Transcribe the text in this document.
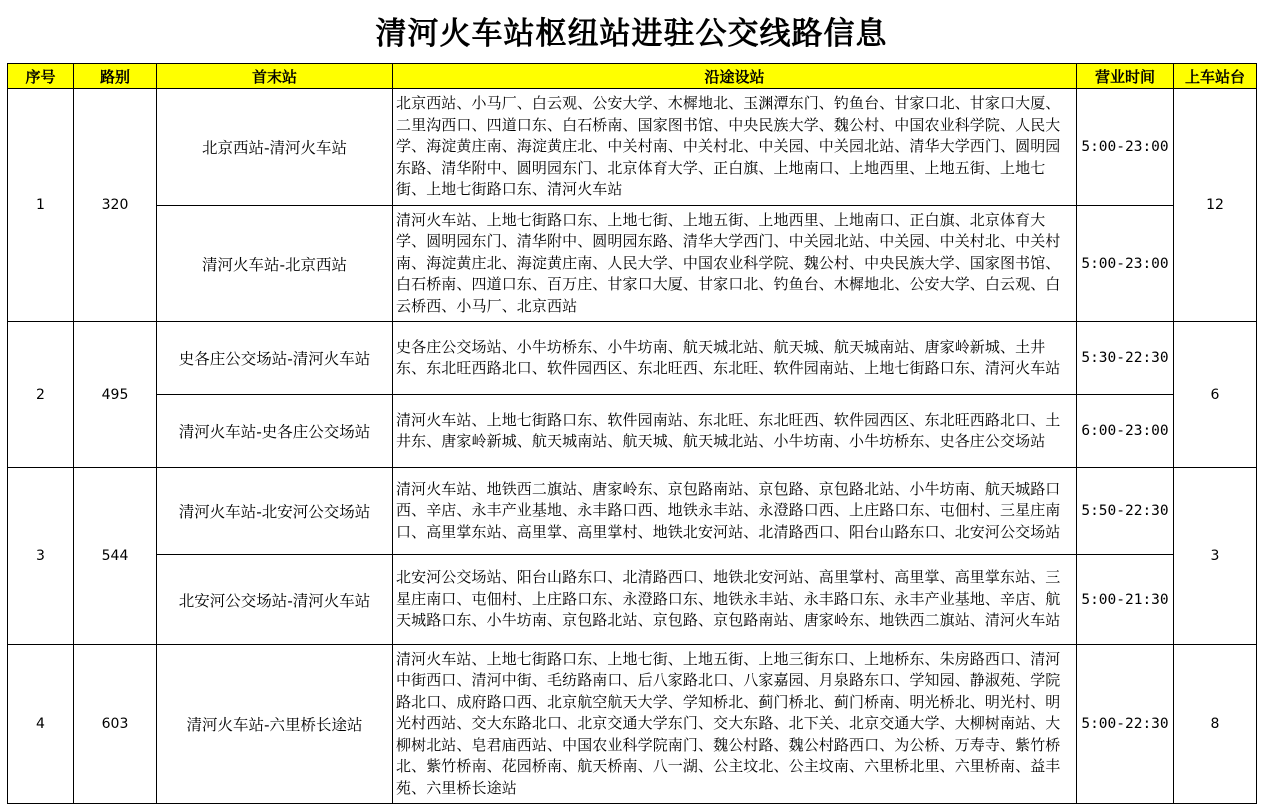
清河火车站枢纽站进驻公交线路信息
序号	路别	首末站	沿途设站	营业时间	上车站台
1	320	北京西站-清河火车站	北京西站、小马厂、白云观、公安大学、木樨地北、玉渊潭东门、钓鱼台、甘家口北、甘家口大厦、二里沟西口、四道口东、白石桥南、国家图书馆、中央民族大学、魏公村、中国农业科学院、人民大学、海淀黄庄南、海淀黄庄北、中关村南、中关村北、中关园、中关园北站、清华大学西门、圆明园东路、清华附中、圆明园东门、北京体育大学、正白旗、上地南口、上地西里、上地五街、上地七街、上地七街路口东、清河火车站	5:00-23:00	12
		清河火车站-北京西站	清河火车站、上地七街路口东、上地七街、上地五街、上地西里、上地南口、正白旗、北京体育大学、圆明园东门、清华附中、圆明园东路、清华大学西门、中关园北站、中关园、中关村北、中关村南、海淀黄庄北、海淀黄庄南、人民大学、中国农业科学院、魏公村、中央民族大学、国家图书馆、白石桥南、四道口东、百万庄、甘家口大厦、甘家口北、钓鱼台、木樨地北、公安大学、白云观、白云桥西、小马厂、北京西站	5:00-23:00	
2	495	史各庄公交场站-清河火车站	史各庄公交场站、小牛坊桥东、小牛坊南、航天城北站、航天城、航天城南站、唐家岭新城、土井东、东北旺西路北口、软件园西区、东北旺西、东北旺、软件园南站、上地七街路口东、清河火车站	5:30-22:30	6
		清河火车站-史各庄公交场站	清河火车站、上地七街路口东、软件园南站、东北旺、东北旺西、软件园西区、东北旺西路北口、土井东、唐家岭新城、航天城南站、航天城、航天城北站、小牛坊南、小牛坊桥东、史各庄公交场站	6:00-23:00	
3	544	清河火车站-北安河公交场站	清河火车站、地铁西二旗站、唐家岭东、京包路南站、京包路、京包路北站、小牛坊南、航天城路口西、辛店、永丰产业基地、永丰路口西、地铁永丰站、永澄路口西、上庄路口东、屯佃村、三星庄南口、高里掌东站、高里掌、高里掌村、地铁北安河站、北清路西口、阳台山路东口、北安河公交场站	5:50-22:30	3
		北安河公交场站-清河火车站	北安河公交场站、阳台山路东口、北清路西口、地铁北安河站、高里掌村、高里掌、高里掌东站、三星庄南口、屯佃村、上庄路口东、永澄路口东、地铁永丰站、永丰路口东、永丰产业基地、辛店、航天城路口东、小牛坊南、京包路北站、京包路、京包路南站、唐家岭东、地铁西二旗站、清河火车站	5:00-21:30	
4	603	清河火车站-六里桥长途站	清河火车站、上地七街路口东、上地七街、上地五街、上地三街东口、上地桥东、朱房路西口、清河中街西口、清河中街、毛纺路南口、后八家路北口、八家嘉园、月泉路东口、学知园、静淑苑、学院路北口、成府路口西、北京航空航天大学、学知桥北、蓟门桥北、蓟门桥南、明光桥北、明光村、明光村西站、交大东路北口、北京交通大学东门、交大东路、北下关、北京交通大学、大柳树南站、大柳树北站、皂君庙西站、中国农业科学院南门、魏公村路、魏公村路西口、为公桥、万寿寺、紫竹桥北、紫竹桥南、花园桥南、航天桥南、八一湖、公主坟北、公主坟南、六里桥北里、六里桥南、益丰苑、六里桥长途站	5:00-22:30	8
